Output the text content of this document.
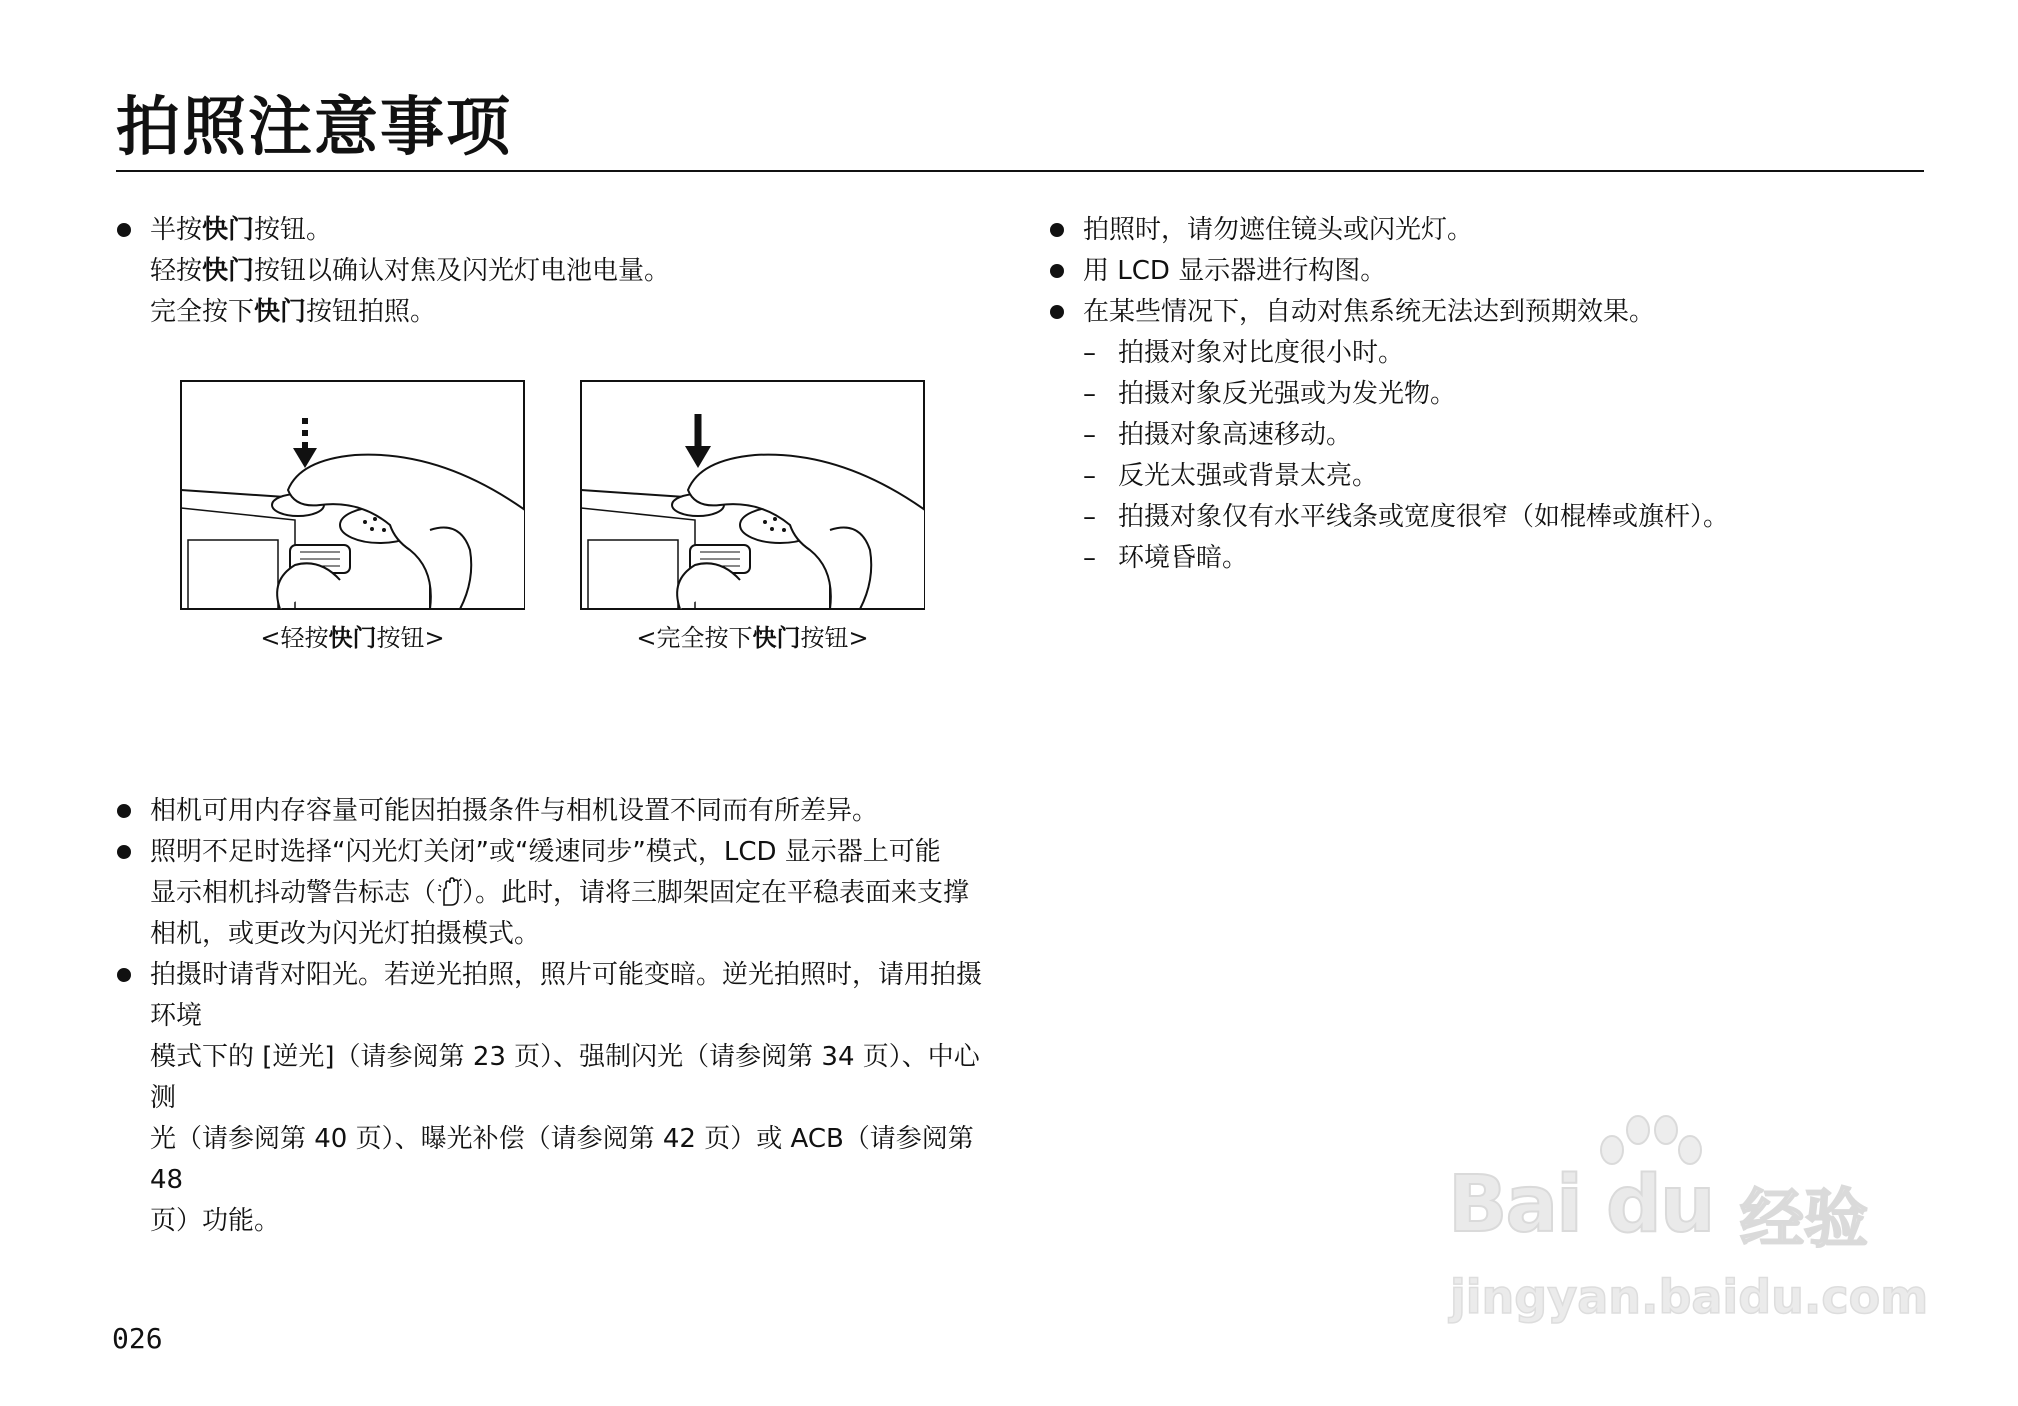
拍照注意事项
半按快门按钮。
轻按快门按钮以确认对焦及闪光灯电池电量。
完全按下快门按钮拍照。
相机可用内存容量可能因拍摄条件与相机设置不同而有所差异。
照明不足时选择“闪光灯关闭”或“缓速同步”模式，LCD 显示器上可能
显示相机抖动警告标志（ ）。此时，请将三脚架固定在平稳表面来支撑
相机，或更改为闪光灯拍摄模式。
拍摄时请背对阳光。若逆光拍照，照片可能变暗。逆光拍照时，请用拍摄环境
模式下的 [逆光]（请参阅第 23 页）、强制闪光（请参阅第 34 页）、中心测
光（请参阅第 40 页）、曝光补偿（请参阅第 42 页）或 ACB（请参阅第 48
页）功能。
<轻按快门按钮>	<完全按下快门按钮>
拍照时，请勿遮住镜头或闪光灯。
用 LCD 显示器进行构图。
在某些情况下，自动对焦系统无法达到预期效果。
– 拍摄对象对比度很小时。
– 拍摄对象反光强或为发光物。
– 拍摄对象高速移动。
– 反光太强或背景太亮。
– 拍摄对象仅有水平线条或宽度很窄（如棍棒或旗杆）。
– 环境昏暗。
026
Bai du 经验
jingyan.baidu.com
